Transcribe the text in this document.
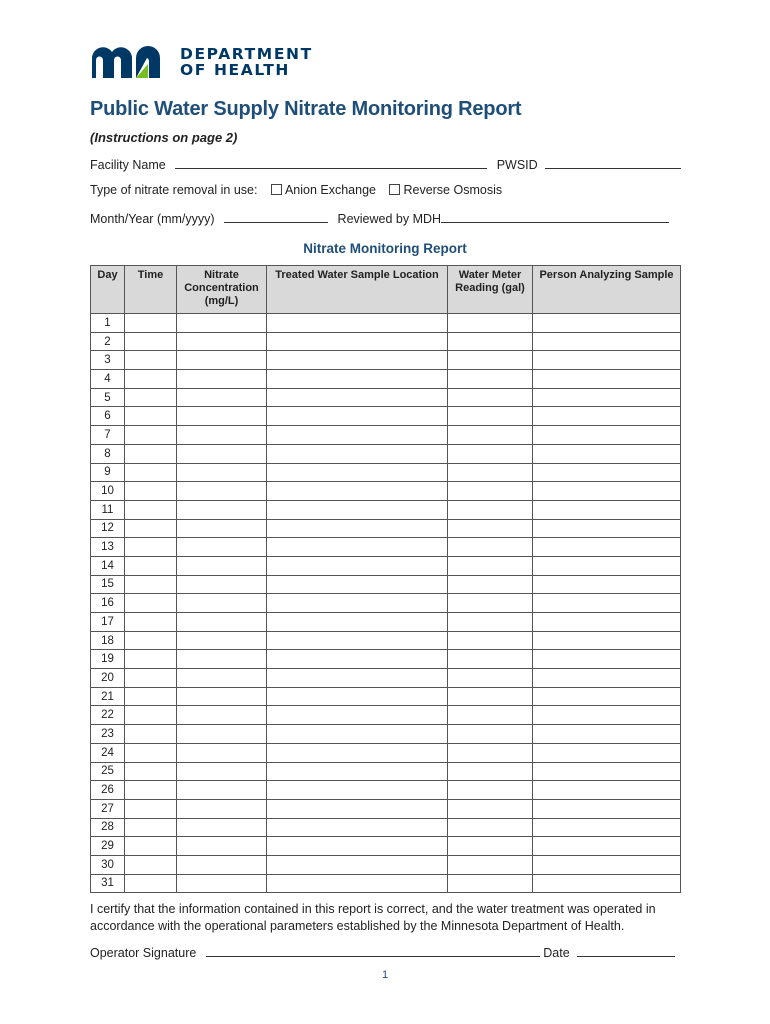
DEPARTMENT
OF HEALTH
Public Water Supply Nitrate Monitoring Report
(Instructions on page 2)
Facility Name	PWSID
Type of nitrate removal in use: Anion Exchange Reverse Osmosis
Month/Year (mm/yyyy)	Reviewed by MDH
Nitrate Monitoring Report
Day	Time	Nitrate Concentration (mg/L)	Treated Water Sample Location	Water Meter Reading (gal)	Person Analyzing Sample
1					
2					
3					
4					
5					
6					
7					
8					
9					
10					
11					
12					
13					
14					
15					
16					
17					
18					
19					
20					
21					
22					
23					
24					
25					
26					
27					
28					
29					
30					
31					
I certify that the information contained in this report is correct, and the water treatment was operated in accordance with the operational parameters established by the Minnesota Department of Health.
Operator Signature	Date
1
